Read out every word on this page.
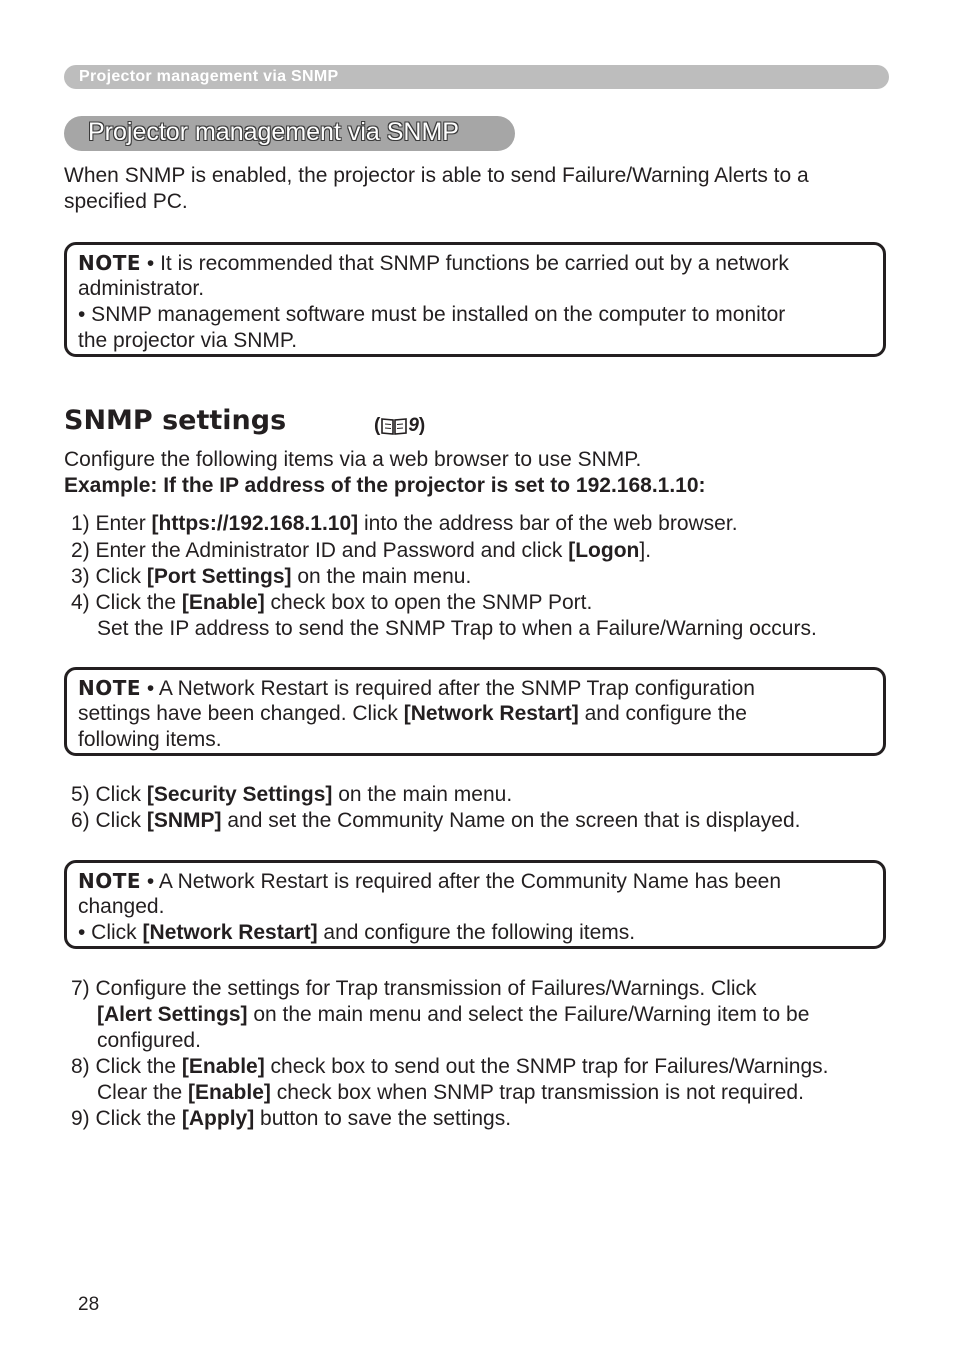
Projector management via SNMP
Projector management via SNMP
When SNMP is enabled, the projector is able to send Failure/Warning Alerts to a
specified PC.
NOTE • It is recommended that SNMP functions be carried out by a network
administrator.
• SNMP management software must be installed on the computer to monitor
the projector via SNMP.
SNMP settings	( 9 )
Configure the following items via a web browser to use SNMP.
Example: If the IP address of the projector is set to 192.168.1.10:
1) Enter [https://192.168.1.10] into the address bar of the web browser.
2) Enter the Administrator ID and Password and click [Logon].
3) Click [Port Settings] on the main menu.
4) Click the [Enable] check box to open the SNMP Port.
Set the IP address to send the SNMP Trap to when a Failure/Warning occurs.
NOTE • A Network Restart is required after the SNMP Trap configuration
settings have been changed. Click [Network Restart] and configure the
following items.
5) Click [Security Settings] on the main menu.
6) Click [SNMP] and set the Community Name on the screen that is displayed.
NOTE • A Network Restart is required after the Community Name has been
changed.
• Click [Network Restart] and configure the following items.
7) Configure the settings for Trap transmission of Failures/Warnings. Click
[Alert Settings] on the main menu and select the Failure/Warning item to be
configured.
8) Click the [Enable] check box to send out the SNMP trap for Failures/Warnings.
Clear the [Enable] check box when SNMP trap transmission is not required.
9) Click the [Apply] button to save the settings.
28
